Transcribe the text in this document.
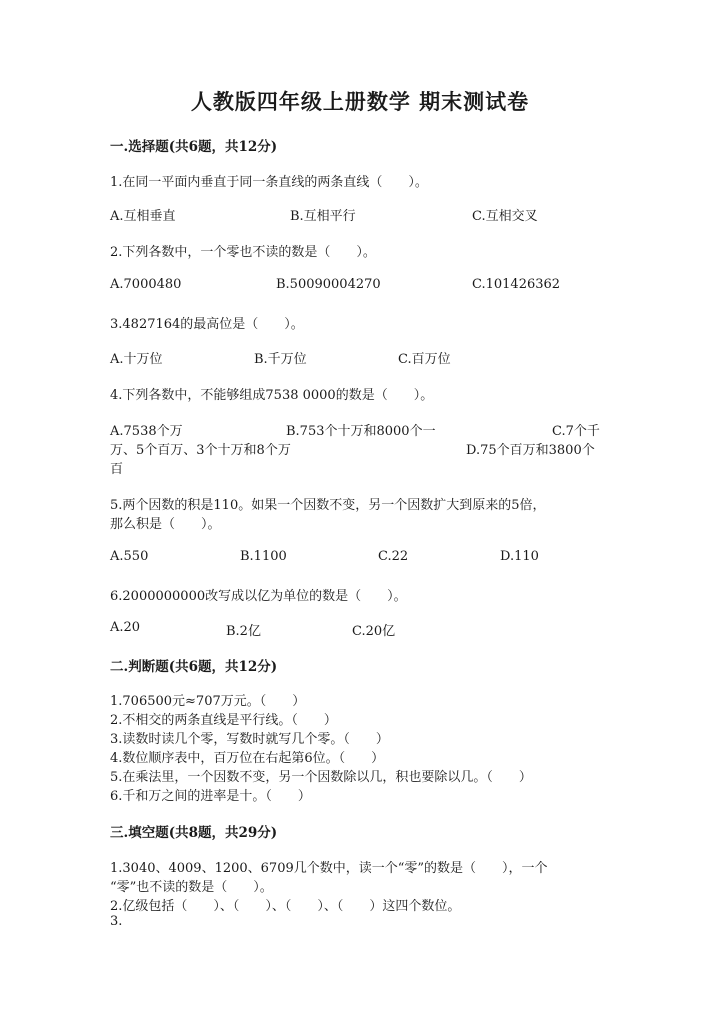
人教版四年级上册数学 期末测试卷
一.选择题(共6题，共12分)
1.在同一平面内垂直于同一条直线的两条直线（　　）。
A.互相垂直	B.互相平行	C.互相交叉
2.下列各数中，一个零也不读的数是（　　）。
A.7000480	B.50090004270	C.101426362
3.4827164的最高位是（　　）。
A.十万位	B.千万位	C.百万位
4.下列各数中，不能够组成7538 0000的数是（　　）。
A.7538个万	B.753个十万和8000个一	C.7个千
万、5个百万、3个十万和8个万	D.75个百万和3800个
百
5.两个因数的积是110。如果一个因数不变，另一个因数扩大到原来的5倍，
那么积是（　　）。
A.550	B.1100	C.22	D.110
6.2000000000改写成以亿为单位的数是（　　）。
A.20	B.2亿	C.20亿
二.判断题(共6题，共12分)
1.706500元≈707万元。（　　）
2.不相交的两条直线是平行线。（　　）
3.读数时读几个零，写数时就写几个零。（　　）
4.数位顺序表中，百万位在右起第6位。（　　）
5.在乘法里，一个因数不变，另一个因数除以几，积也要除以几。（　　）
6.千和万之间的进率是十。（　　）
三.填空题(共8题，共29分)
1.3040、4009、1200、6709几个数中，读一个“零”的数是（　　），一个
“零”也不读的数是（　　）。
2.亿级包括（　　）、（　　）、（　　）、（　　）这四个数位。
3.
